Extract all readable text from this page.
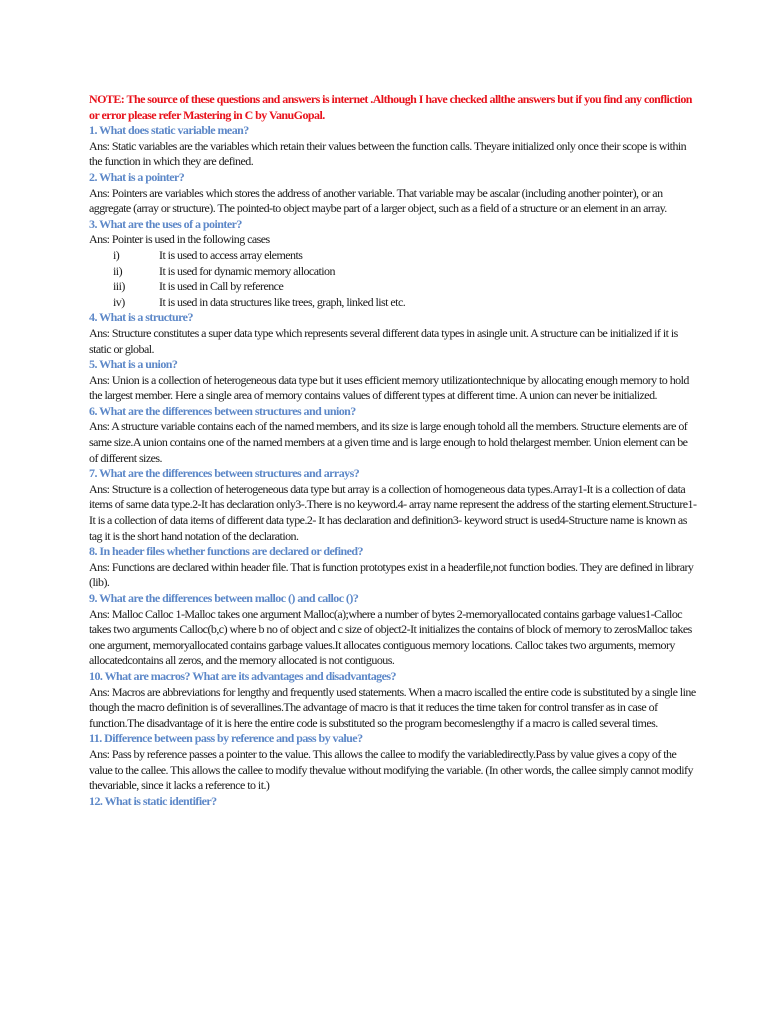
NOTE: The source of these questions and answers is internet .Although I have checked allthe answers but if you find any confliction or error please refer Mastering in C by VanuGopal.

1. What does static variable mean?

Ans: Static variables are the variables which retain their values between the function calls. Theyare initialized only once their scope is within the function in which they are defined.

2. What is a pointer?

Ans: Pointers are variables which stores the address of another variable. That variable may be ascalar (including another pointer), or an aggregate (array or structure). The pointed-to object maybe part of a larger object, such as a field of a structure or an element in an array.

3. What are the uses of a pointer?

Ans: Pointer is used in the following cases

i)	It is used to access array elements
ii)	It is used for dynamic memory allocation
iii)	It is used in Call by reference
iv)	It is used in data structures like trees, graph, linked list etc.

4. What is a structure?

Ans: Structure constitutes a super data type which represents several different data types in asingle unit. A structure can be initialized if it is static or global.

5. What is a union?

Ans: Union is a collection of heterogeneous data type but it uses efficient memory utilizationtechnique by allocating enough memory to hold the largest member. Here a single area of memory contains values of different types at different time. A union can never be initialized.

6. What are the differences between structures and union?

Ans: A structure variable contains each of the named members, and its size is large enough tohold all the members. Structure elements are of same size.A union contains one of the named members at a given time and is large enough to hold thelargest member. Union element can be of different sizes.

7. What are the differences between structures and arrays?

Ans: Structure is a collection of heterogeneous data type but array is a collection of homogeneous data types.Array1-It is a collection of data items of same data type.2-It has declaration only3-.There is no keyword.4- array name represent the address of the starting element.Structure1-It is a collection of data items of different data type.2- It has declaration and definition3- keyword struct is used4-Structure name is known as tag it is the short hand notation of the declaration.

8. In header files whether functions are declared or defined?

Ans: Functions are declared within header file. That is function prototypes exist in a headerfile,not function bodies. They are defined in library (lib).

9. What are the differences between malloc () and calloc ()?

Ans: Malloc Calloc 1-Malloc takes one argument Malloc(a);where a number of bytes 2-memoryallocated contains garbage values1-Calloc takes two arguments Calloc(b,c) where b no of object and c size of object2-It initializes the contains of block of memory to zerosMalloc takes one argument, memoryallocated contains garbage values.It allocates contiguous memory locations. Calloc takes two arguments, memory allocatedcontains all zeros, and the memory allocated is not contiguous.

10. What are macros? What are its advantages and disadvantages?

Ans: Macros are abbreviations for lengthy and frequently used statements. When a macro iscalled the entire code is substituted by a single line though the macro definition is of severallines.The advantage of macro is that it reduces the time taken for control transfer as in case of function.The disadvantage of it is here the entire code is substituted so the program becomeslengthy if a macro is called several times.

11. Difference between pass by reference and pass by value?

Ans: Pass by reference passes a pointer to the value. This allows the callee to modify the variabledirectly.Pass by value gives a copy of the value to the callee. This allows the callee to modify thevalue without modifying the variable. (In other words, the callee simply cannot modify thevariable, since it lacks a reference to it.)

12. What is static identifier?
